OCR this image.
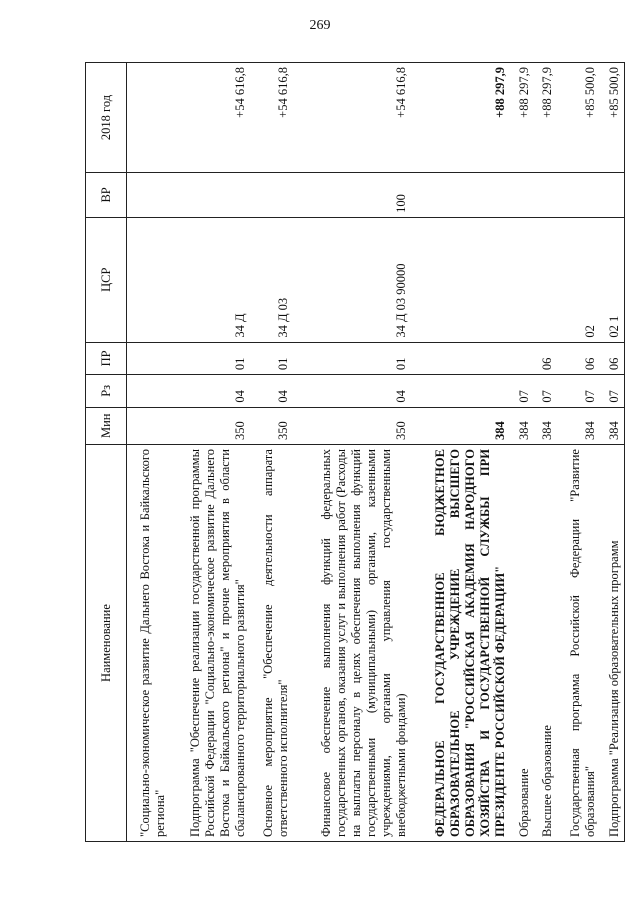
269
Наименование	Мин	Рз	ПР	ЦСР	ВР	2018 год
"Социально-экономическое развитие Дальнего Востока и Байкальского региона"						
Подпрограмма "Обеспечение реализации государственной программы Российской Федерации "Социально-экономическое развитие Дальнего Востока и Байкальского региона" и прочие мероприятия в области сбалансированного территориального развития"	350	04	01	34 Д		+54 616,8
Основное мероприятие "Обеспечение деятельности аппарата ответственного исполнителя"	350	04	01	34 Д 03		+54 616,8
Финансовое обеспечение выполнения функций федеральных государственных органов, оказания услуг и выполнения работ (Расходы на выплаты персоналу в целях обеспечения выполнения функций государственными (муниципальными) органами, казенными учреждениями, органами управления государственными внебюджетными фондами)	350	04	01	34 Д 03 90000	100	+54 616,8
ФЕДЕРАЛЬНОЕ ГОСУДАРСТВЕННОЕ БЮДЖЕТНОЕ ОБРАЗОВАТЕЛЬНОЕ УЧРЕЖДЕНИЕ ВЫСШЕГО ОБРАЗОВАНИЯ "РОССИЙСКАЯ АКАДЕМИЯ НАРОДНОГО ХОЗЯЙСТВА И ГОСУДАРСТВЕННОЙ СЛУЖБЫ ПРИ ПРЕЗИДЕНТЕ РОССИЙСКОЙ ФЕДЕРАЦИИ"	384					+88 297,9
Образование	384	07				+88 297,9
Высшее образование	384	07	06			+88 297,9
Государственная программа Российской Федерации "Развитие образования"	384	07	06	02		+85 500,0
Подпрограмма "Реализация образовательных программ	384	07	06	02 1		+85 500,0
